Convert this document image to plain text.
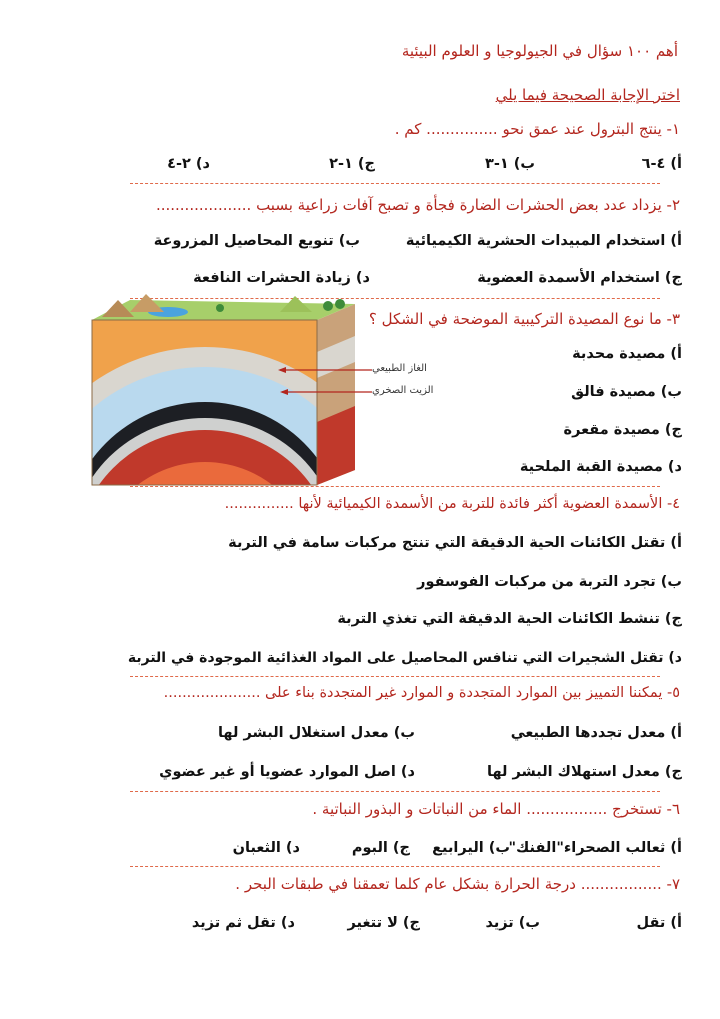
أهم ١٠٠ سؤال في الجيولوجيا و العلوم البيئية
اختر الإجابة الصحيحة فيما يلي
١- ينتج البترول عند عمق نحو ............... كم .
أ) ٤-٦
ب) ١-٣
ج) ١-٢
د) ٢-٤
٢- يزداد عدد بعض الحشرات الضارة فجأة و تصبح آفات زراعية بسبب ....................
أ) استخدام المبيدات الحشرية الكيميائية
ب) تنويع المحاصيل المزروعة
ج) استخدام الأسمدة العضوية
د) زيادة الحشرات النافعة
٣- ما نوع المصيدة التركيبية الموضحة في الشكل ؟
أ) مصيدة محدبة
ب) مصيدة فالق
ج) مصيدة مقعرة
د) مصيدة القبة الملحية
الغاز الطبيعي
الزيت الصخري
٤- الأسمدة العضوية أكثر فائدة للتربة من الأسمدة الكيميائية لأنها ...............
أ) تقتل الكائنات الحية الدقيقة التي تنتج مركبات سامة في التربة
ب) تجرد التربة من مركبات الفوسفور
ج) تنشط الكائنات الحية الدقيقة التي تغذي التربة
د) تقتل الشجيرات التي تنافس المحاصيل على المواد الغذائية الموجودة في التربة
٥- يمكننا التمييز بين الموارد المتجددة و الموارد غير المتجددة بناء على .....................
أ) معدل تجددها الطبيعي
ب) معدل استغلال البشر لها
ج) معدل استهلاك البشر لها
د) اصل الموارد عضويا أو غير عضوي
٦- تستخرج ................. الماء من النباتات و البذور النباتية .
أ) ثعالب الصحراء"الفنك"
ب) اليرابيع
ج) البوم
د) الثعبان
٧- ................. درجة الحرارة بشكل عام كلما تعمقنا في طبقات البحر .
أ) تقل
ب) تزيد
ج) لا تتغير
د) تقل ثم تزيد
